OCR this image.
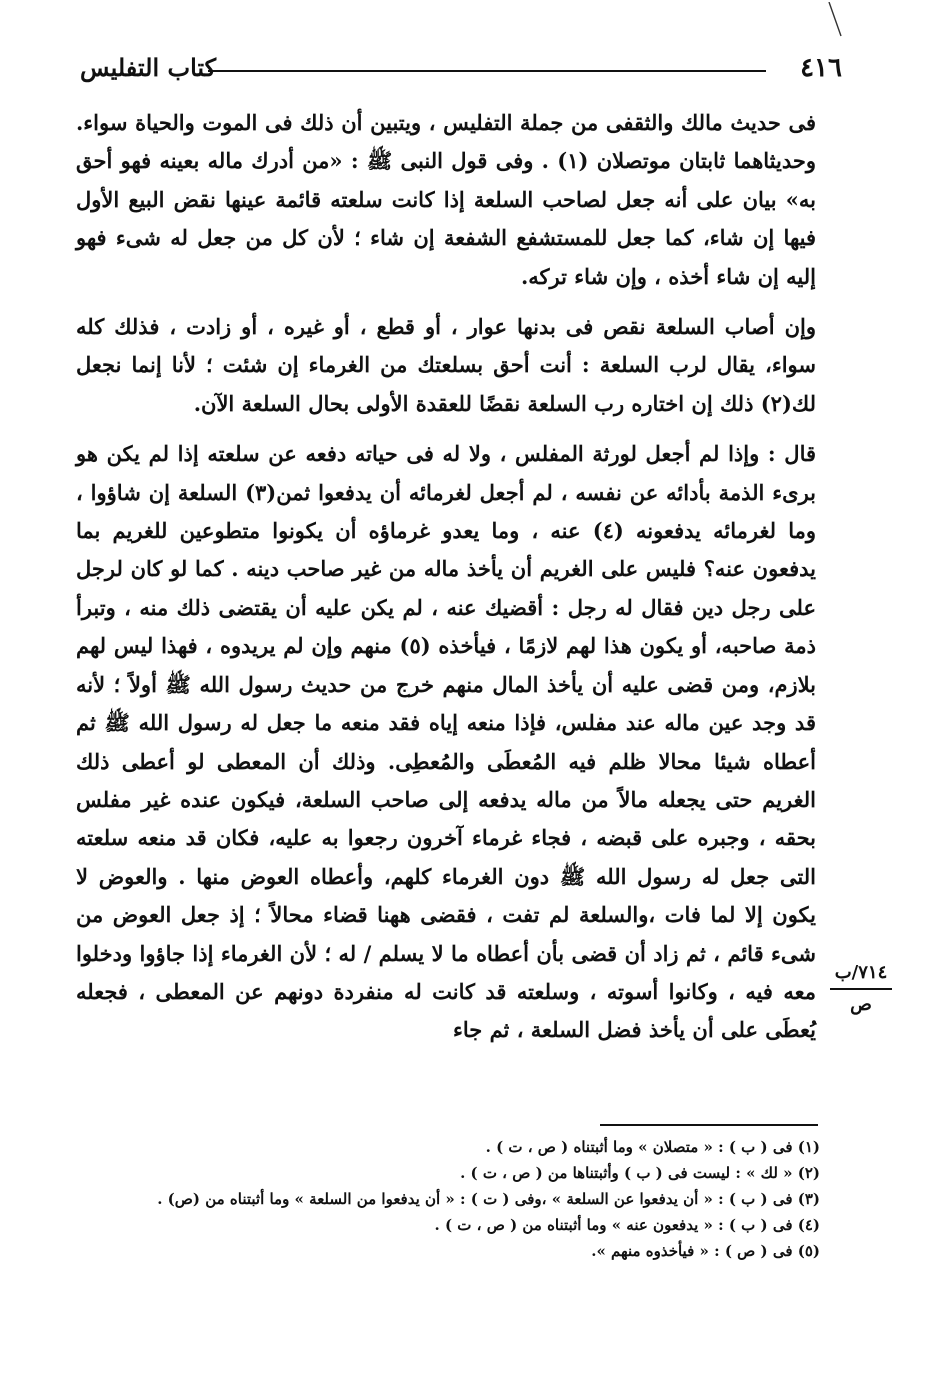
٤١٦
كتاب التفليس

فى حديث مالك والثقفى من جملة التفليس ، ويتبين أن ذلك فى الموت والحياة سواء. وحديثاهما ثابتان موتصلان (١) . وفى قول النبى ﷺ : «من أدرك ماله بعينه فهو أحق به» بيان على أنه جعل لصاحب السلعة إذا كانت سلعته قائمة عينها نقض البيع الأول فيها إن شاء، كما جعل للمستشفع الشفعة إن شاء ؛ لأن كل من جعل له شىء فهو إليه إن شاء أخذه ، وإن شاء تركه.

وإن أصاب السلعة نقص فى بدنها عوار ، أو قطع ، أو غيره ، أو زادت ، فذلك كله سواء، يقال لرب السلعة : أنت أحق بسلعتك من الغرماء إن شئت ؛ لأنا إنما نجعل لك(٢) ذلك إن اختاره رب السلعة نقضًا للعقدة الأولى بحال السلعة الآن.

قال : وإذا لم أجعل لورثة المفلس ، ولا له فى حياته دفعه عن سلعته إذا لم يكن هو برىء الذمة بأدائه عن نفسه ، لم أجعل لغرمائه أن يدفعوا ثمن(٣) السلعة إن شاؤوا ، وما لغرمائه يدفعونه (٤) عنه ، وما يعدو غرماؤه أن يكونوا متطوعين للغريم بما يدفعون عنه؟ فليس على الغريم أن يأخذ ماله من غير صاحب دينه . كما لو كان لرجل على رجل دين فقال له رجل : أقضيك عنه ، لم يكن عليه أن يقتضى ذلك منه ، وتبرأ ذمة صاحبه، أو يكون هذا لهم لازمًا ، فيأخذه (٥) منهم وإن لم يريدوه ، فهذا ليس لهم بلازم، ومن قضى عليه أن يأخذ المال منهم خرج من حديث رسول الله ﷺ أولاً ؛ لأنه قد وجد عين ماله عند مفلس، فإذا منعه إياه فقد منعه ما جعل له رسول الله ﷺ ثم أعطاه شيئا محالا ظلم فيه المُعطَى والمُعطِى. وذلك أن المعطى لو أعطى ذلك الغريم حتى يجعله مالاً من ماله يدفعه إلى صاحب السلعة، فيكون عنده غير مفلس بحقه ، وجبره على قبضه ، فجاء غرماء آخرون رجعوا به عليه، فكان قد منعه سلعته التى جعل له رسول الله ﷺ دون الغرماء كلهم، وأعطاه العوض منها . والعوض لا يكون إلا لما فات ،والسلعة لم تفت ، فقضى ههنا قضاء محالاً ؛ إذ جعل العوض من شىء قائم ، ثم زاد أن قضى بأن أعطاه ما لا يسلم / له ؛ لأن الغرماء إذا جاؤوا ودخلوا معه فيه ، وكانوا أسوته ، وسلعته قد كانت له منفردة دونهم عن المعطى ، فجعله يُعطَى على أن يأخذ فضل السلعة ، ثم جاء

٧١٤/ب
ص
(١) فى ( ب ) : « متصلان » وما أثبتناه ( ص ، ت ) .
(٢) « لك » : ليست فى ( ب ) وأثبتناها من ( ص ، ت ) .
(٣) فى ( ب ) : « أن يدفعوا عن السلعة » ،وفى ( ت ) : « أن يدفعوا من السلعة » وما أثبتناه من (ص) .
(٤) فى ( ب ) : « يدفعون عنه » وما أثبتناه من ( ص ، ت ) .
(٥) فى ( ص ) : « فيأخذوه منهم ».
